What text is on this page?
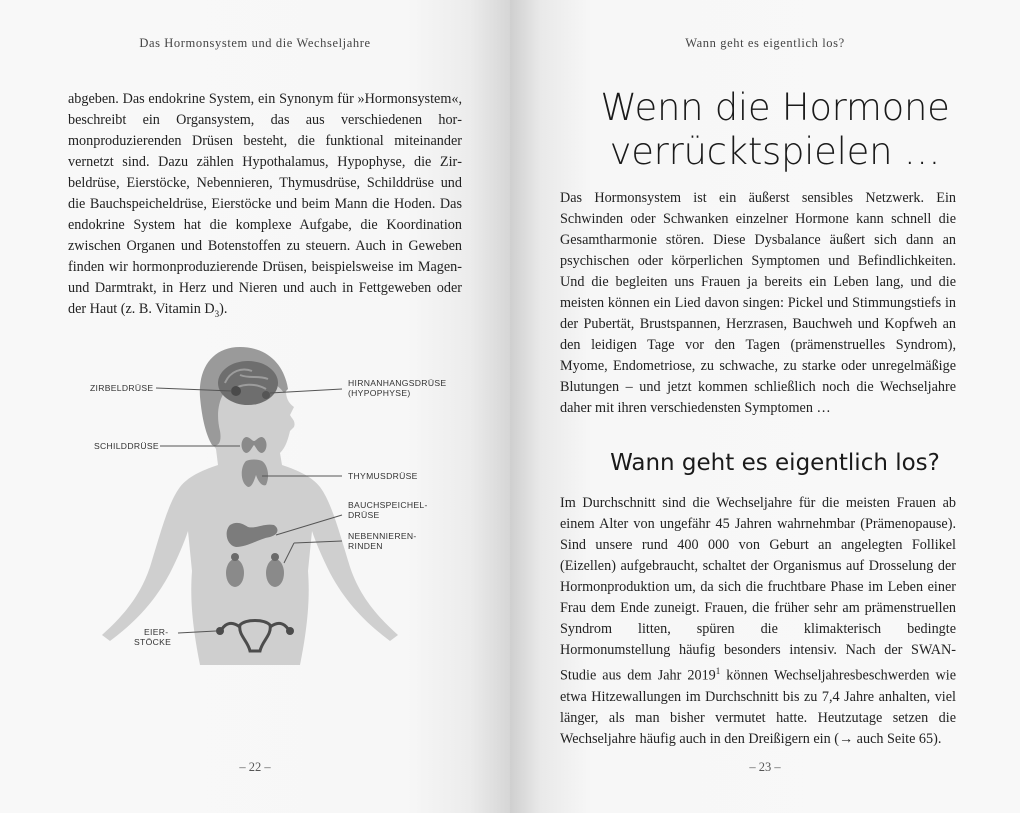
Das Hormonsystem und die Wechseljahre

abgeben. Das endokrine System, ein Synonym für »Hormonsystem«, beschreibt ein Organsystem, das aus verschiedenen hormonproduzierenden Drüsen besteht, die funktional miteinander vernetzt sind. Dazu zählen Hypothalamus, Hypophyse, die Zirbeldrüse, Eierstöcke, Nebennieren, Thymusdrüse, Schilddrüse und die Bauchspeicheldrüse, Eierstöcke und beim Mann die Hoden. Das endokrine System hat die komplexe Aufgabe, die Koordination zwischen Organen und Botenstoffen zu steuern. Auch in Geweben finden wir hormonproduzierende Drüsen, beispielsweise im Magen- und Darmtrakt, in Herz und Nieren und auch in Fettgeweben oder der Haut (z. B. Vitamin $D_3$).

ZIRBELDRÜSE	HIRNANHANGSDRÜSE
(HYPOPHYSE)
SCHILDDRÜSE
THYMUSDRÜSE
BAUCHSPEICHEL-
DRÜSE
NEBENNIEREN-
RINDEN
EIER-
STÖCKE
– 22 –
Wann geht es eigentlich los?
Wenn die Hormone
verrücktspielen …
Das Hormonsystem ist ein äußerst sensibles Netzwerk. Ein Schwinden oder Schwanken einzelner Hormone kann schnell die Gesamtharmonie stören. Diese Dysbalance äußert sich dann an psychischen oder körperlichen Symptomen und Befindlichkeiten. Und die begleiten uns Frauen ja bereits ein Leben lang, und die meisten können ein Lied davon singen: Pickel und Stimmungstiefs in der Pubertät, Brustspannen, Herzrasen, Bauchweh und Kopfweh an den leidigen Tage vor den Tagen (prämenstruelles Syndrom), Myome, Endometriose, zu schwache, zu starke oder unregelmäßige Blutungen – und jetzt kommen schließlich noch die Wechseljahre daher mit ihren verschiedensten Symptomen …
Wann geht es eigentlich los?
Im Durchschnitt sind die Wechseljahre für die meisten Frauen ab einem Alter von ungefähr 45 Jahren wahrnehmbar (Prämenopause). Sind unsere rund 400 000 von Geburt an angelegten Follikel (Eizellen) aufgebraucht, schaltet der Organismus auf Drosselung der Hormonproduktion um, da sich die fruchtbare Phase im Leben einer Frau dem Ende zuneigt. Frauen, die früher sehr am prämenstruellen Syndrom litten, spüren die klimakterisch bedingte Hormonumstellung häufig besonders intensiv. Nach der SWAN-Studie aus dem Jahr 2019$^1$ können Wechseljahresbeschwerden wie etwa Hitzewallungen im Durchschnitt bis zu 7,4 Jahre anhalten, viel länger, als man bisher vermutet hatte. Heutzutage setzen die Wechseljahre häufig auch in den Dreißigern ein (→ auch Seite 65).
– 23 –
